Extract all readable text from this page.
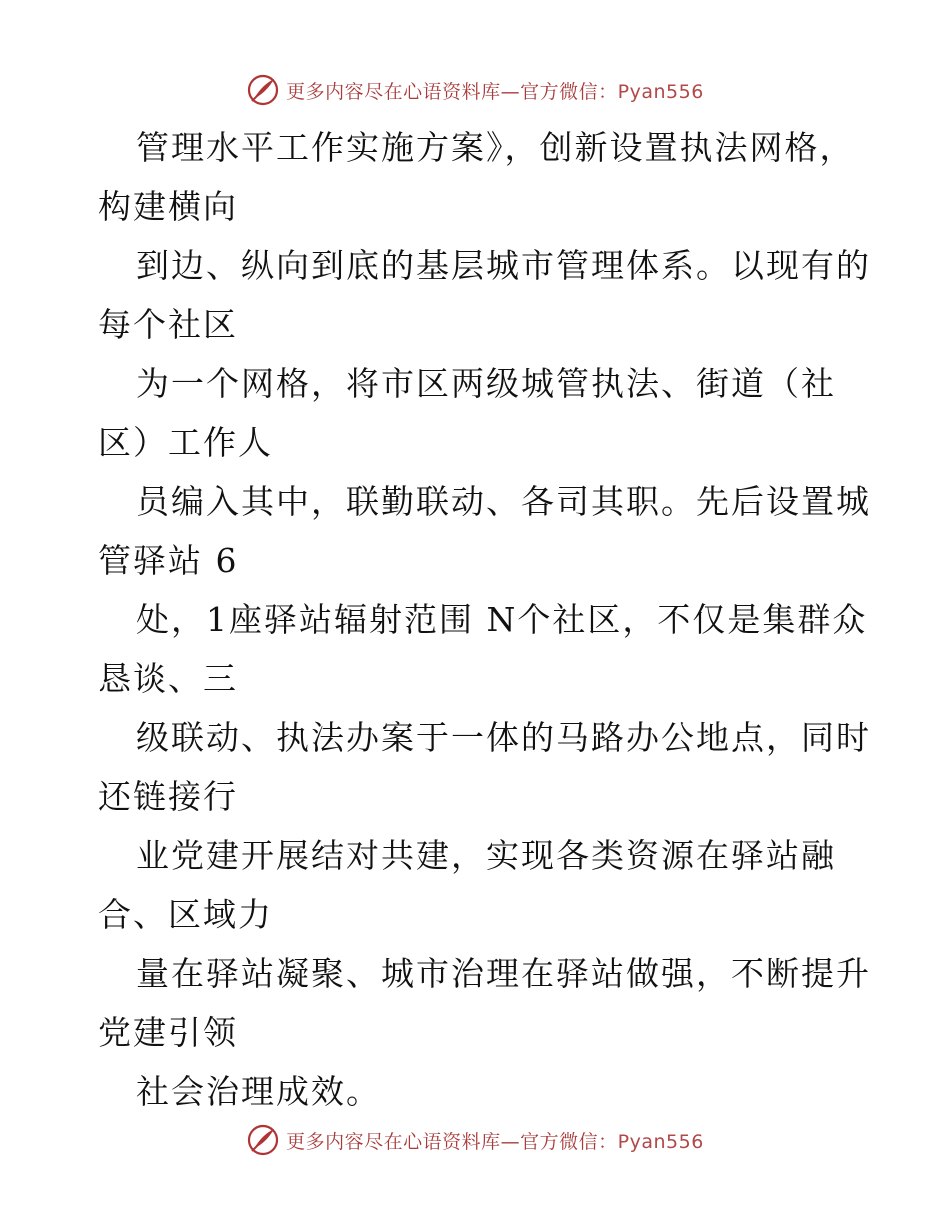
更多内容尽在心语资料库—官方微信：Pyan556
管理水平工作实施方案》，创新设置执法网格，
构建横向
到边、纵向到底的基层城市管理体系。以现有的
每个社区
为一个网格，将市区两级城管执法、街道（社
区）工作人
员编入其中，联勤联动、各司其职。先后设置城
管驿站 6
处，1座驿站辐射范围 N个社区，不仅是集群众
恳谈、三
级联动、执法办案于一体的马路办公地点，同时
还链接行
业党建开展结对共建，实现各类资源在驿站融
合、区域力
量在驿站凝聚、城市治理在驿站做强，不断提升
党建引领
社会治理成效。
更多内容尽在心语资料库—官方微信：Pyan556
